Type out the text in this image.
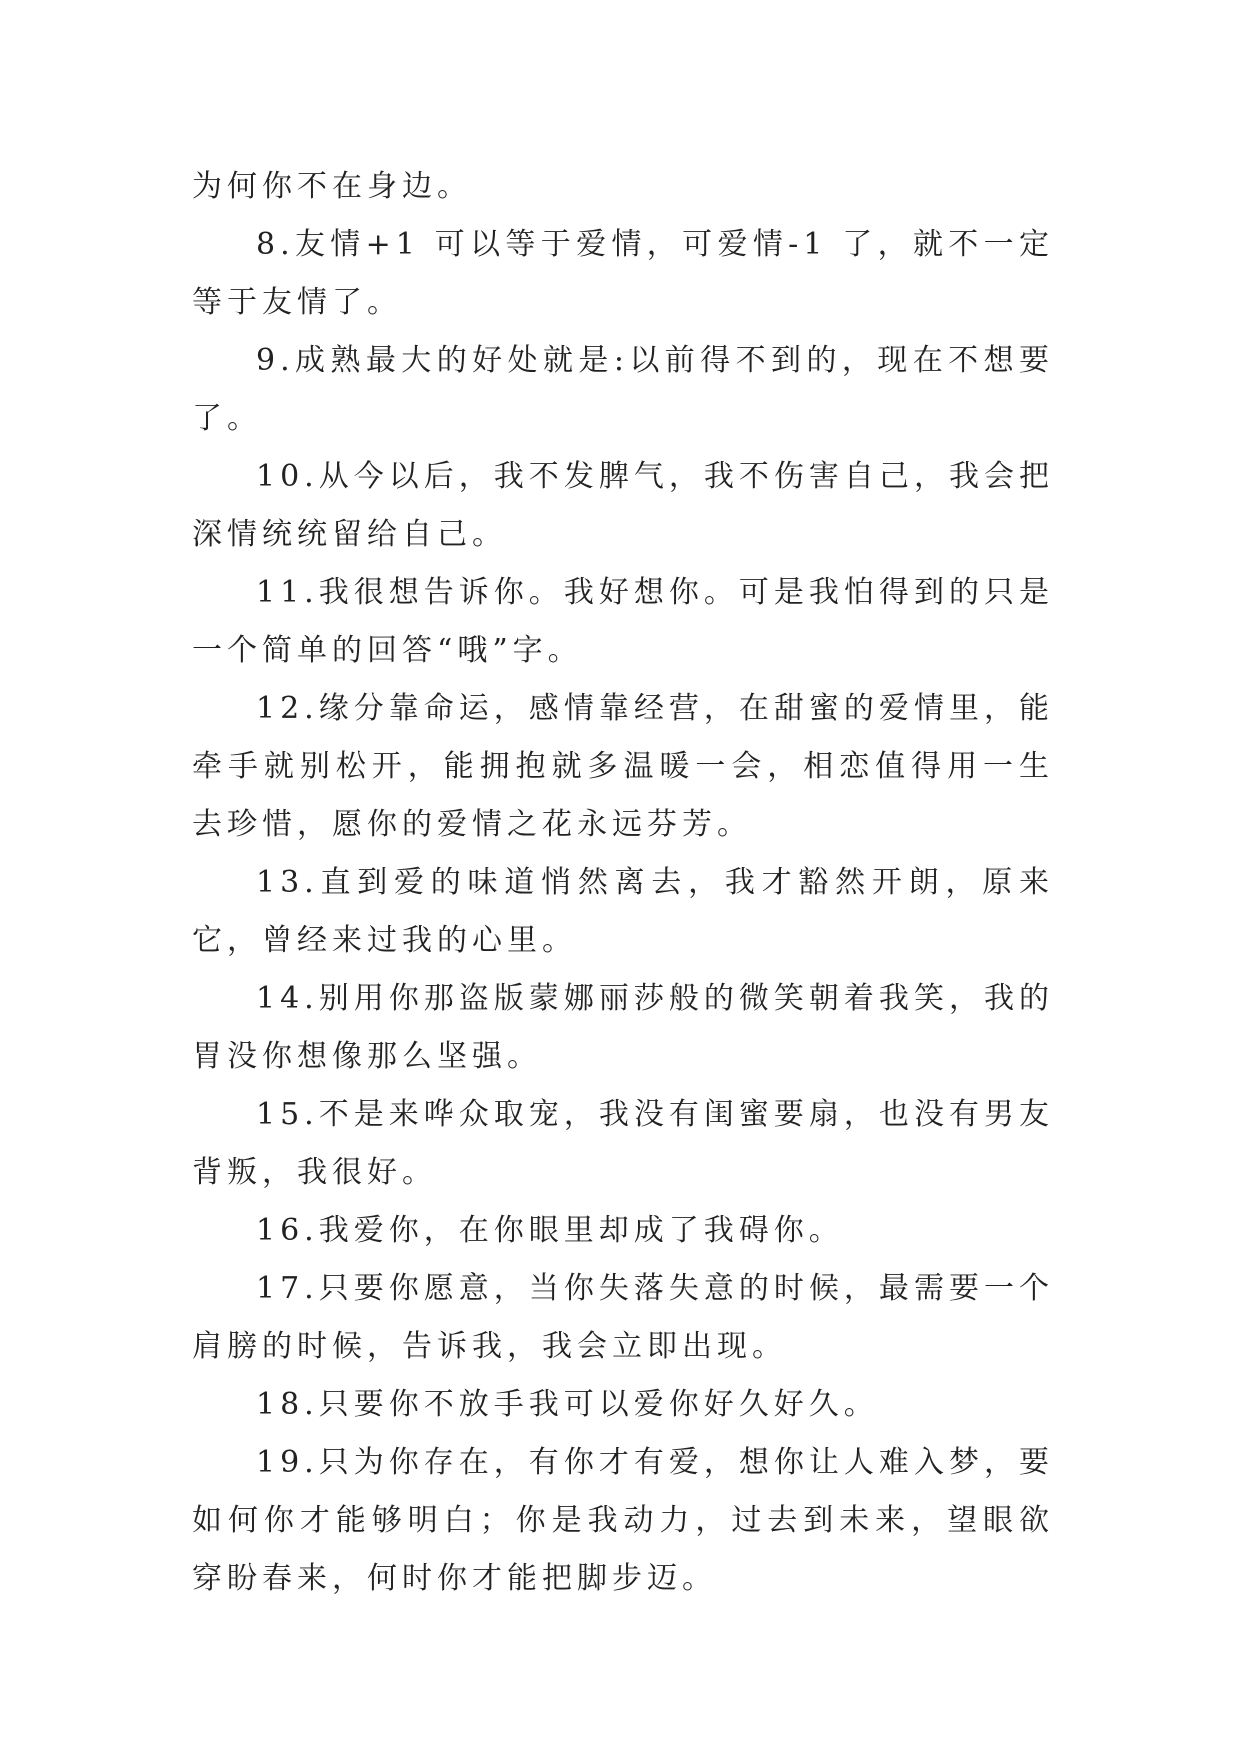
为何你不在身边。

8.友情+1 可以等于爱情，可爱情-1 了，就不一定等于友情了。

9.成熟最大的好处就是:以前得不到的，现在不想要了。

10.从今以后，我不发脾气，我不伤害自己，我会把深情统统留给自己。

11.我很想告诉你。我好想你。可是我怕得到的只是一个简单的回答“哦”字。

12.缘分靠命运，感情靠经营，在甜蜜的爱情里，能牵手就别松开，能拥抱就多温暖一会，相恋值得用一生去珍惜，愿你的爱情之花永远芬芳。

13.直到爱的味道悄然离去，我才豁然开朗，原来它，曾经来过我的心里。

14.别用你那盗版蒙娜丽莎般的微笑朝着我笑，我的胃没你想像那么坚强。

15.不是来哗众取宠，我没有闺蜜要扇，也没有男友背叛，我很好。

16.我爱你，在你眼里却成了我碍你。

17.只要你愿意，当你失落失意的时候，最需要一个肩膀的时候，告诉我，我会立即出现。

18.只要你不放手我可以爱你好久好久。

19.只为你存在，有你才有爱，想你让人难入梦，要如何你才能够明白；你是我动力，过去到未来，望眼欲穿盼春来，何时你才能把脚步迈。
